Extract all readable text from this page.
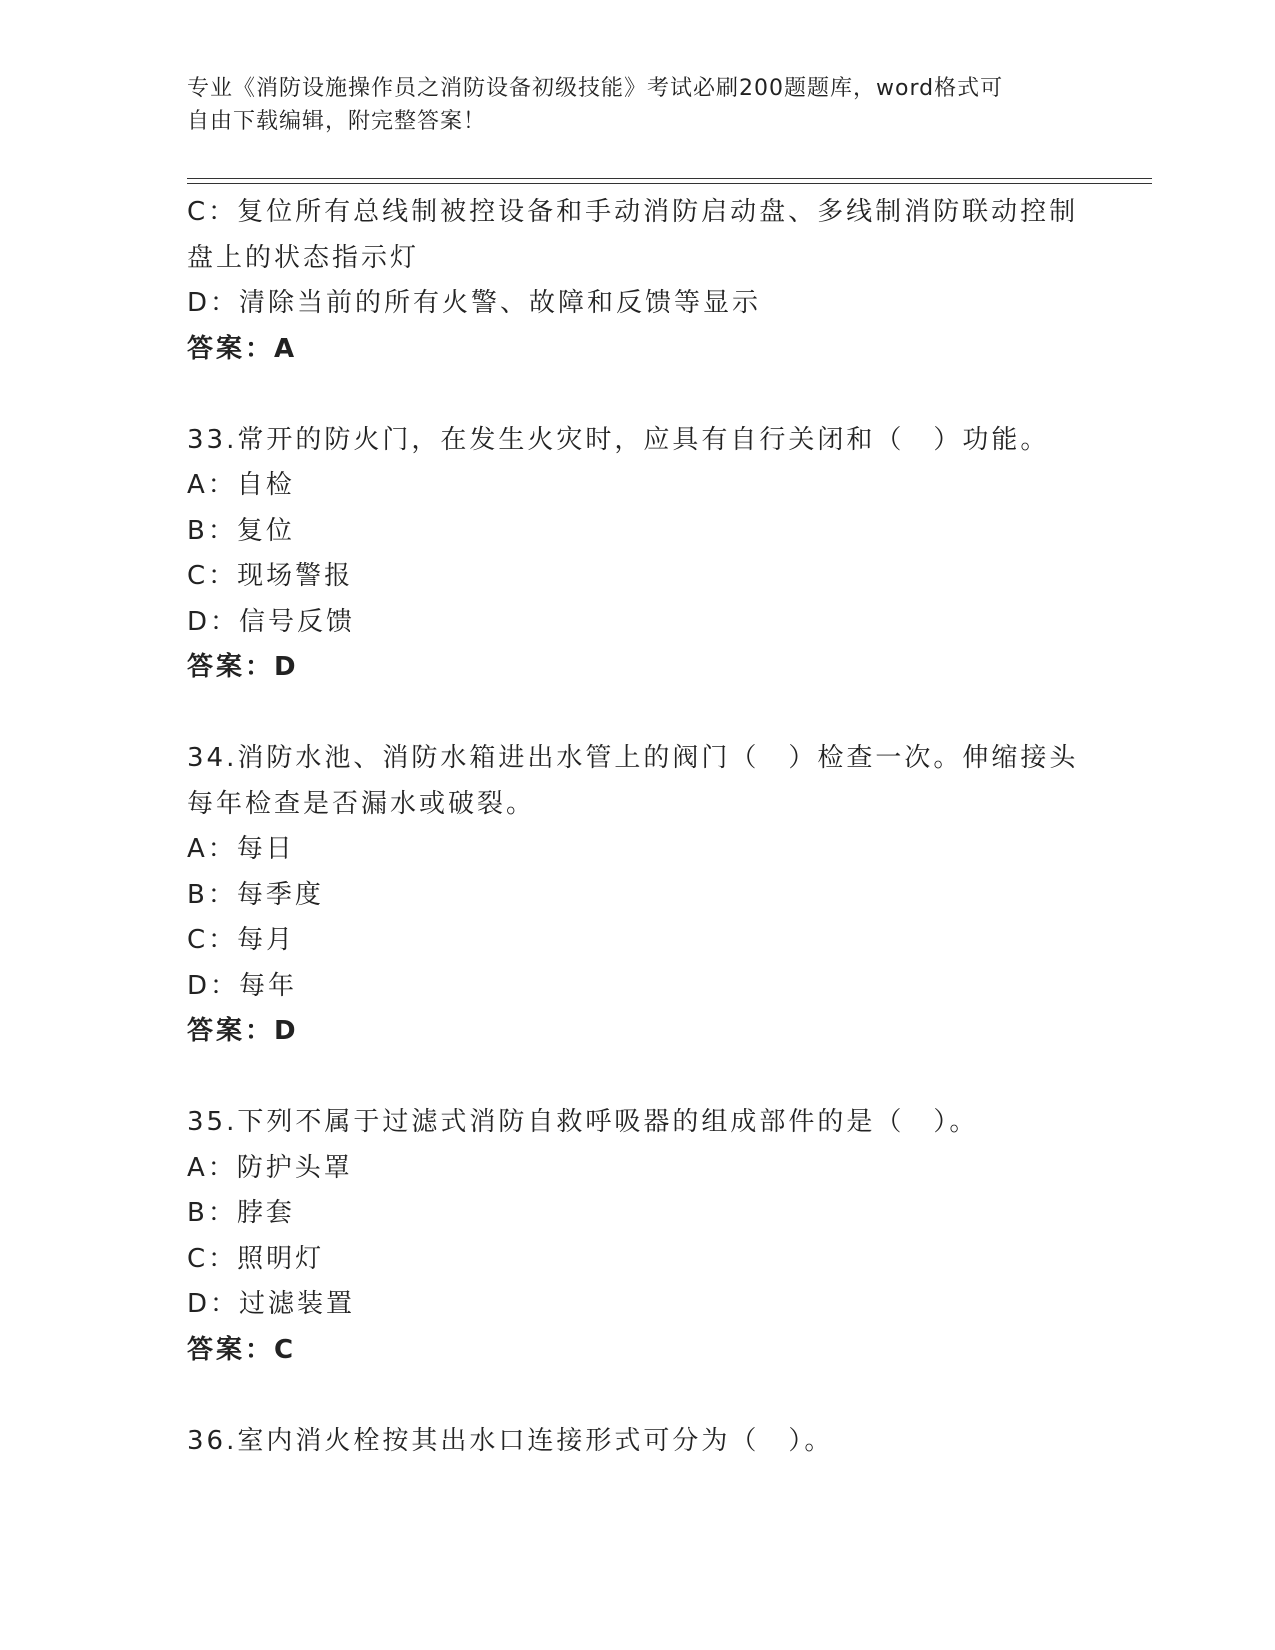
专业《消防设施操作员之消防设备初级技能》考试必刷200题题库，word格式可
自由下载编辑，附完整答案！
C：复位所有总线制被控设备和手动消防启动盘、多线制消防联动控制
盘上的状态指示灯
D：清除当前的所有火警、故障和反馈等显示
答案：A
33.常开的防火门，在发生火灾时，应具有自行关闭和（　）功能。
A：自检
B：复位
C：现场警报
D：信号反馈
答案：D
34.消防水池、消防水箱进出水管上的阀门（　）检查一次。伸缩接头
每年检查是否漏水或破裂。
A：每日
B：每季度
C：每月
D：每年
答案：D
35.下列不属于过滤式消防自救呼吸器的组成部件的是（　）。
A：防护头罩
B：脖套
C：照明灯
D：过滤装置
答案：C
36.室内消火栓按其出水口连接形式可分为（　）。
